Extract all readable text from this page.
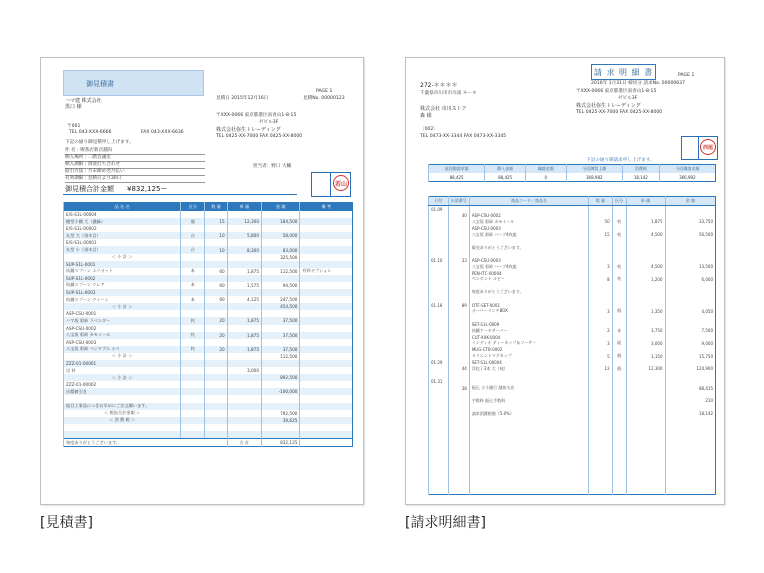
御見積書
PAGE 1
見積日 2015年12月16日	見積No. 00000123
ハマ建 株式会社
黒口 様
〒001
TEL 043-XXX-6666	FAX 043-XXX-6636
下記の通り御見積申し上げます。
件 名 : 喫茶店新店舗向
納入場所 : 二階会議室
納入期限 : 別途打ち合わせ
取引方法 : 月末締め翌月払い
有効期限 : 見積日より30日
〒XXX-0066 東京都港区南青山1-8-15
ゼビル3F
株式会社弥生トレーディング
TEL 0425-XX-7000 FAX 0425-XX-8000
担当者：野口 大輔
若山
御見積合計金額 ¥832,125ー
品 名 名	区分	数 量	単 価	金 額	備 考
E/S-S1L-00004					
棚型小棚 大（濃緑）	個	15	12,300	184,500	
E/S-S1L-00002					
丸型 大（黒木目）	台	10	5,800	58,000	
E/S-S1L-00001					
丸型 小（黒木目）	台	10	8,300	83,000	
＜ 小 計 ＞				325,500	
SUP-S1L-0001					
紡錘スプーン エリオット	本	60	1,875	112,500	有料オプション
SUP-S1L-0002					
紡錘スプーン クレア	本	60	1,575	94,500	
SUP-S1L-0003					
紡錘スプーン クイーン	本	60	4,125	247,500	
＜ 小 計 ＞				454,500	
ASP-CSU-0001					
ハマ坂 彩絵 ラベンダー	枚	20	1,875	37,500	
ASP-CSU-0002					
八宝坂 彩絵 カモミール	枚	20	1,875	37,500	
ASP-CSU-0003					
八宝坂 彩絵 ベジタブル ナス	枚	20	1,875	37,500	
＜ 小 計 ＞				112,500	
ZZZ-01-00001					
送 料			3,000		
＜ 小 計 ＞				892,500	
ZZZ-01-00002					
出精値引き				-100,000	

組目工事品につきお早めにご注文願います。					
＜ 税抜合計金額 ＞				792,500	
＜ 消 費 税 ＞				39,625	

毎度ありがとうございます。	合 計	832,125	
請 求 明 細 書	PAGE 1
2016年 1月31日 締切分 請求No. 00000637
272-＊＊＊＊
千葉県市川市市川南 ＊ー＊
株式会社 市川ストア
森 様
〔002〕
TEL 0473-XX-3344 FAX 0473-XX-3345
〒XXX-0066 東京都港区南青山1-8-15
ゼビル3F
株式会社弥生トレーディング
TEL 0425-XX-7000 FAX 0425-XX-8000
西尾
下記の通り御請求申し上げます。
前回御請求額	御入金額	繰越金額	今回御買上額	消費税	今回御請求額
88,425	88,425	0	368,982	18,142	366,992
日付	伝票番号	商品コード／商品名	数 量	区分	単 価	金 額
01.09						
	40	ASP-CSU-0002				
		八宝坂 彩絵 カモミール	50	枚	1,875	33,750
		ASP-CSU-0003				
		八宝坂 彩絵 ハーブ4枚組	15	枚	4,500	56,500

		販売ありがとうございます。				

01.10	33	ASP-CSU-0003				
		八宝坂 彩絵 ハーブ4枚組	3	枚	4,500	13,500
		PEN-ITC-00004				
		ペンダント ルビー	8	枚	1,200	6,000

		毎度ありがとうございます。				

01.18	89	OTF-SET-0001				
		オーバーランチBOX	3	個	1,350	4,050

		SET-S1L-0009				
		紡錘ケーキサーバー	2	本	3,750	7,500
		CUT-XXK-0004				
		インディオ ティーカップ＆ソーサー	3	組	3,000	9,000
		MUG-CTB-0002				
		オリエントマグカップ	5	個	3,150	15,750
01.29		SET-S1L-00004				
	44	洋包丁3本 大（純）	12	個	12,300	124,900

01.31						
	38	振込 小小銀行 越前支店				88,415

		手数料 振込手数料				210

		請求消費税額（5.0%）				18,142

[見積書]	[請求明細書]
